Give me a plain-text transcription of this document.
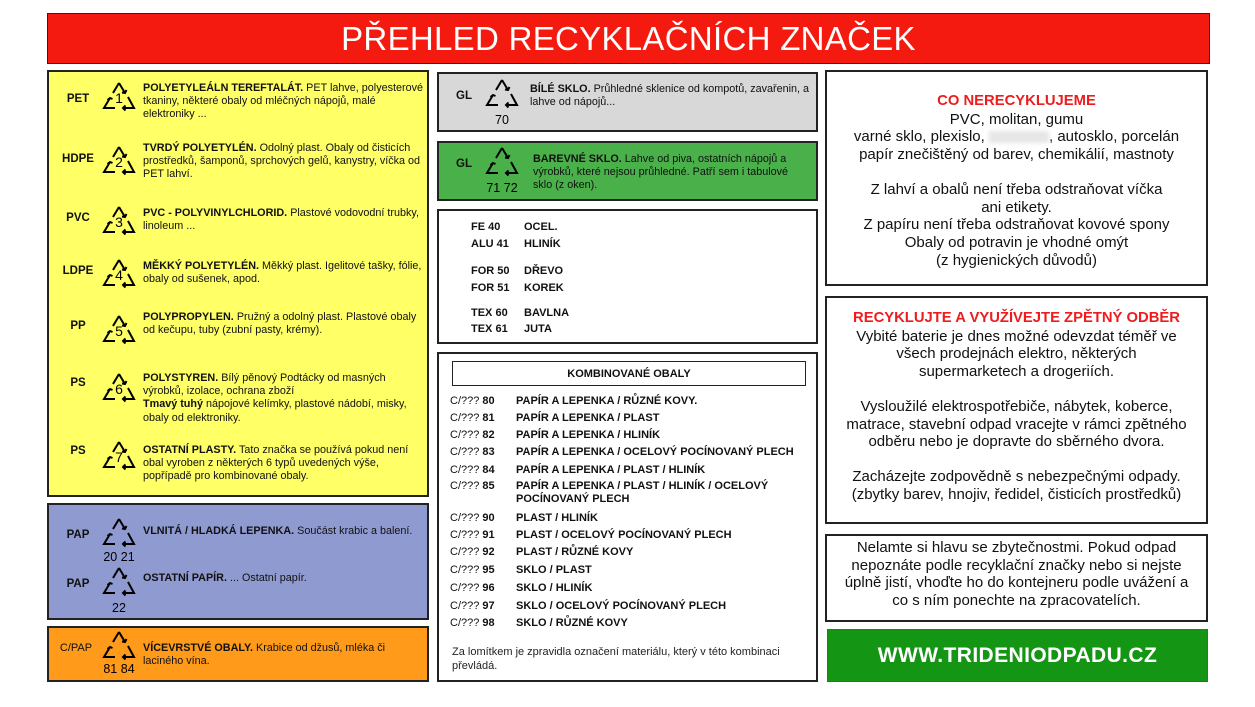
PŘEHLED RECYKLAČNÍCH ZNAČEK
PET	1
POLYETYLEÁLN TEREFTALÁT. PET lahve, polyesterové tkaniny, některé obaly od mléčných nápojů, malé elektroniky ...
HDPE	2
TVRDÝ POLYETYLÉN. Odolný plast. Obaly od čisticích prostředků, šamponů, sprchových gelů, kanystry, víčka od PET lahví.
PVC	3
PVC - POLYVINYLCHLORID. Plastové vodovodní trubky, linoleum ...
LDPE	4
MĚKKÝ POLYETYLÉN. Měkký plast. Igelitové tašky, fólie, obaly od sušenek, apod.
PP	5
POLYPROPYLEN. Pružný a odolný plast. Plastové obaly od kečupu, tuby (zubní pasty, krémy).
PS	6
POLYSTYREN. Bílý pěnový Podtácky od masných výrobků, izolace, ochrana zboží
Tmavý tuhý nápojové kelímky, plastové nádobí, misky, obaly od elektroniky.
PS	7	OSTATNÍ PLASTY. Tato značka se používá pokud není obal vyroben z některých 6 typů uvedených výše, popřípadě pro kombinované obaly.
PAP
20 21
VLNITÁ / HLADKÁ LEPENKA. Součást krabic a balení.
PAP
22
OSTATNÍ PAPÍR. ... Ostatní papír.
C/PAP
81 84
VÍCEVRSTVÉ OBALY. Krabice od džusů, mléka či laciného vína.
GL
70
BÍLÉ SKLO. Průhledné sklenice od kompotů, zavařenin, a lahve od nápojů...
GL
71 72
BAREVNÉ SKLO. Lahve od piva, ostatních nápojů a výrobků, které nejsou průhledné. Patří sem i tabulové sklo (z oken).
FE 40	OCEL.
ALU 41	HLINÍK
FOR 50	DŘEVO
FOR 51	KOREK
TEX 60	BAVLNA
TEX 61	JUTA
KOMBINOVANÉ OBALY
C/??? 80	PAPÍR A LEPENKA / RŮZNÉ KOVY.
C/??? 81	PAPÍR A LEPENKA / PLAST
C/??? 82	PAPÍR A LEPENKA / HLINÍK
C/??? 83	PAPÍR A LEPENKA / OCELOVÝ POCÍNOVANÝ PLECH
C/??? 84	PAPÍR A LEPENKA / PLAST / HLINÍK
C/??? 85	PAPÍR A LEPENKA / PLAST / HLINÍK / OCELOVÝ POCÍNOVANÝ PLECH
C/??? 90	PLAST / HLINÍK
C/??? 91	PLAST / OCELOVÝ POCÍNOVANÝ PLECH
C/??? 92	PLAST / RŮZNÉ KOVY
C/??? 95	SKLO / PLAST
C/??? 96	SKLO / HLINÍK
C/??? 97	SKLO / OCELOVÝ POCÍNOVANÝ PLECH
C/??? 98	SKLO / RŮZNÉ KOVY
Za lomítkem je zpravidla označení materiálu, který v této kombinaci převládá.
CO NERECYKLUJEME
PVC, molitan, gumu
varné sklo, plexislo,	, autosklo, porcelán
papír znečištěný od barev, chemikálií, mastnoty
Z lahví a obalů není třeba odstraňovat víčka
ani etikety.
Z papíru není třeba odstraňovat kovové spony
Obaly od potravin je vhodné omýt
(z hygienických důvodů)
RECYKLUJTE A VYUŽÍVEJTE ZPĚTNÝ ODBĚR
Vybité baterie je dnes možné odevzdat téměř ve
všech prodejnách elektro, některých
supermarketech a drogeriích.
Vysloužilé elektrospotřebiče, nábytek, koberce,
matrace, stavební odpad vracejte v rámci zpětného
odběru nebo je dopravte do sběrného dvora.
Zacházejte zodpovědně s nebezpečnými odpady.
(zbytky barev, hnojiv, ředidel, čisticích prostředků)
Nelamte si hlavu se zbytečnostmi. Pokud odpad
nepoznáte podle recyklační značky nebo si nejste
úplně jistí, vhoďte ho do kontejneru podle uvážení a
co s ním ponechte na zpracovatelích.
WWW.TRIDENIODPADU.CZ
